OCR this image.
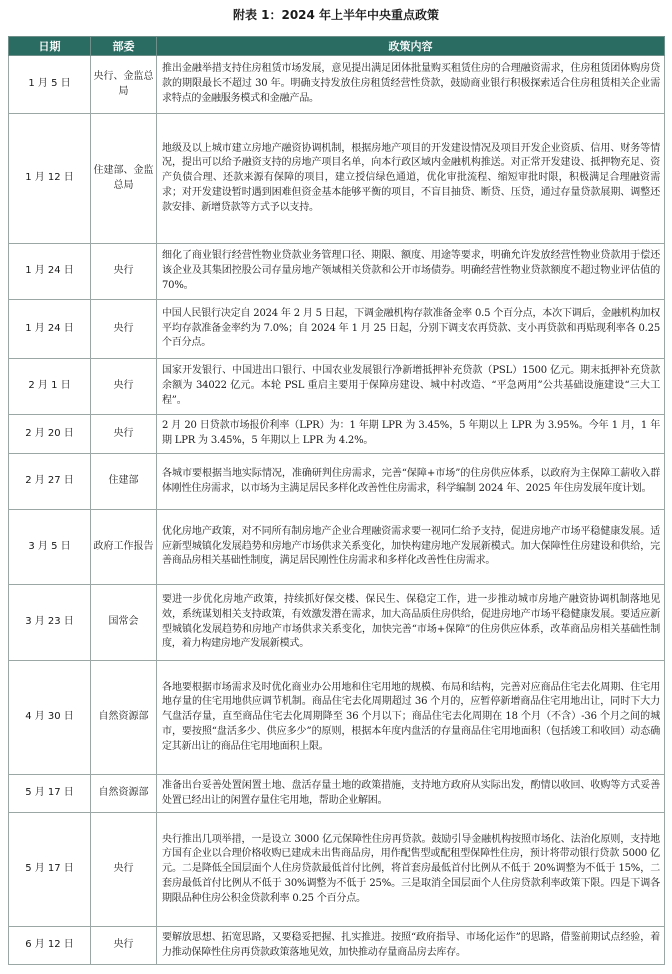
附表 1：2024 年上半年中央重点政策
日期	部委	政策内容
1 月 5 日	央行、金监总局	推出金融举措支持住房租赁市场发展，意见提出满足团体批量购买租赁住房的合理融资需求，住房租赁团体购房贷款的期限最长不超过 30 年。明确支持发放住房租赁经营性贷款，鼓励商业银行积极探索适合住房租赁相关企业需求特点的金融服务模式和金融产品。
1 月 12 日	住建部、金监总局	地级及以上城市建立房地产融资协调机制，根据房地产项目的开发建设情况及项目开发企业资质、信用、财务等情况，提出可以给予融资支持的房地产项目名单，向本行政区域内金融机构推送。对正常开发建设、抵押物充足、资产负债合理、还款来源有保障的项目，建立授信绿色通道，优化审批流程、缩短审批时限，积极满足合理融资需求；对开发建设暂时遇到困难但资金基本能够平衡的项目，不盲目抽贷、断贷、压贷，通过存量贷款展期、调整还款安排、新增贷款等方式予以支持。
1 月 24 日	央行	细化了商业银行经营性物业贷款业务管理口径、期限、额度、用途等要求，明确允许发放经营性物业贷款用于偿还该企业及其集团控股公司存量房地产领域相关贷款和公开市场债券。明确经营性物业贷款额度不超过物业评估值的 70%。
1 月 24 日	央行	中国人民银行决定自 2024 年 2 月 5 日起，下调金融机构存款准备金率 0.5 个百分点，本次下调后，金融机构加权平均存款准备金率约为 7.0%；自 2024 年 1 月 25 日起，分别下调支农再贷款、支小再贷款和再贴现利率各 0.25 个百分点。
2 月 1 日	央行	国家开发银行、中国进出口银行、中国农业发展银行净新增抵押补充贷款（PSL）1500 亿元。期末抵押补充贷款余额为 34022 亿元。本轮 PSL 重启主要用于保障房建设、城中村改造、“平急两用”公共基础设施建设“三大工程”。
2 月 20 日	央行	2 月 20 日贷款市场报价利率（LPR）为：1 年期 LPR 为 3.45%，5 年期以上 LPR 为 3.95%。今年 1 月，1 年期 LPR 为 3.45%，5 年期以上 LPR 为 4.2%。
2 月 27 日	住建部	各城市要根据当地实际情况，准确研判住房需求，完善“保障+市场”的住房供应体系，以政府为主保障工薪收入群体刚性住房需求，以市场为主满足居民多样化改善性住房需求，科学编制 2024 年、2025 年住房发展年度计划。
3 月 5 日	政府工作报告	优化房地产政策，对不同所有制房地产企业合理融资需求要一视同仁给予支持，促进房地产市场平稳健康发展。适应新型城镇化发展趋势和房地产市场供求关系变化，加快构建房地产发展新模式。加大保障性住房建设和供给，完善商品房相关基础性制度，满足居民刚性住房需求和多样化改善性住房需求。
3 月 23 日	国常会	要进一步优化房地产政策，持续抓好保交楼、保民生、保稳定工作，进一步推动城市房地产融资协调机制落地见效，系统谋划相关支持政策，有效激发潜在需求，加大高品质住房供给，促进房地产市场平稳健康发展。要适应新型城镇化发展趋势和房地产市场供求关系变化，加快完善“市场+保障”的住房供应体系，改革商品房相关基础性制度，着力构建房地产发展新模式。
4 月 30 日	自然资源部	各地要根据市场需求及时优化商业办公用地和住宅用地的规模、布局和结构，完善对应商品住宅去化周期、住宅用地存量的住宅用地供应调节机制。商品住宅去化周期超过 36 个月的，应暂停新增商品住宅用地出让，同时下大力气盘活存量，直至商品住宅去化周期降至 36 个月以下；商品住宅去化周期在 18 个月（不含）-36 个月之间的城市，要按照“盘活多少、供应多少”的原则，根据本年度内盘活的存量商品住宅用地面积（包括竣工和收回）动态确定其新出让的商品住宅用地面积上限。
5 月 17 日	自然资源部	准备出台妥善处置闲置土地、盘活存量土地的政策措施，支持地方政府从实际出发，酌情以收回、收购等方式妥善处置已经出让的闲置存量住宅用地，帮助企业解困。
5 月 17 日	央行	央行推出几项举措，一是设立 3000 亿元保障性住房再贷款。鼓励引导金融机构按照市场化、法治化原则，支持地方国有企业以合理价格收购已建成未出售商品房，用作配售型或配租型保障性住房，预计将带动银行贷款 5000 亿元。二是降低全国层面个人住房贷款最低首付比例，将首套房最低首付比例从不低于 20%调整为不低于 15%，二套房最低首付比例从不低于 30%调整为不低于 25%。三是取消全国层面个人住房贷款利率政策下限。四是下调各期限品种住房公积金贷款利率 0.25 个百分点。
6 月 12 日	央行	要解放思想、拓宽思路，又要稳妥把握、扎实推进。按照“政府指导、市场化运作”的思路，借鉴前期试点经验，着力推动保障性住房再贷款政策落地见效，加快推动存量商品房去库存。
